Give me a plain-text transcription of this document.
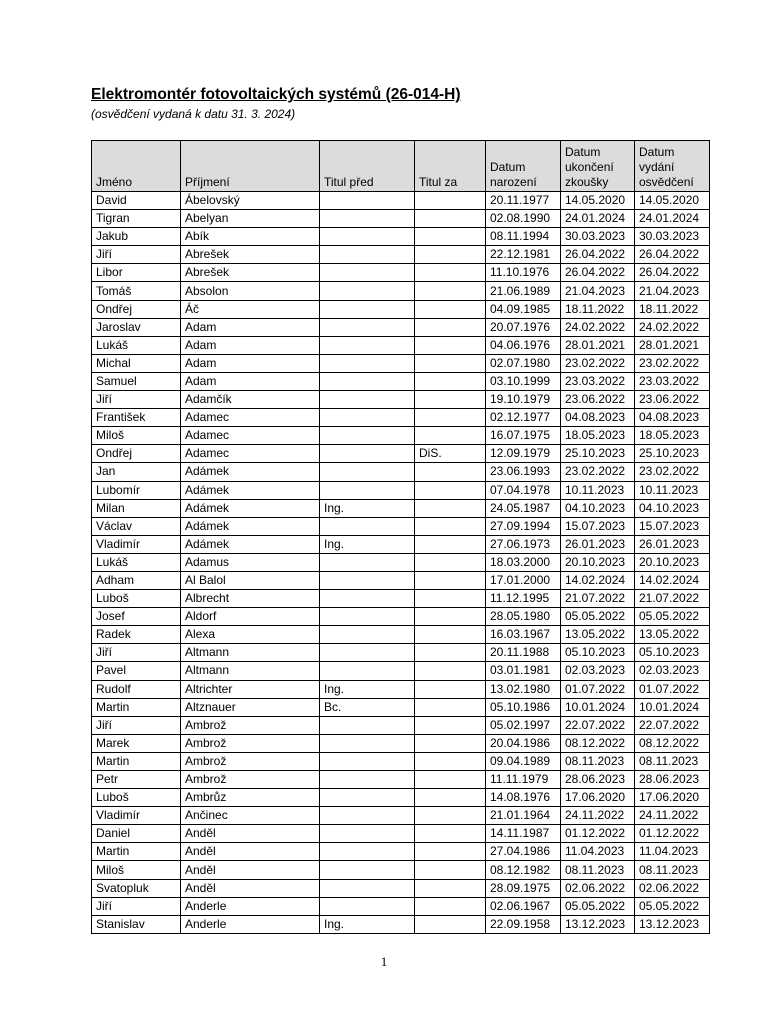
Elektromontér fotovoltaických systémů (26-014-H)
(osvědčení vydaná k datu 31. 3. 2024)
Jméno	Příjmení	Titul před	Titul za	Datum narození	Datum ukončení zkoušky	Datum vydání osvědčení
David	Ábelovský			20.11.1977	14.05.2020	14.05.2020
Tigran	Abelyan			02.08.1990	24.01.2024	24.01.2024
Jakub	Abík			08.11.1994	30.03.2023	30.03.2023
Jiří	Abrešek			22.12.1981	26.04.2022	26.04.2022
Libor	Abrešek			11.10.1976	26.04.2022	26.04.2022
Tomáš	Absolon			21.06.1989	21.04.2023	21.04.2023
Ondřej	Áč			04.09.1985	18.11.2022	18.11.2022
Jaroslav	Adam			20.07.1976	24.02.2022	24.02.2022
Lukáš	Adam			04.06.1976	28.01.2021	28.01.2021
Michal	Adam			02.07.1980	23.02.2022	23.02.2022
Samuel	Adam			03.10.1999	23.03.2022	23.03.2022
Jiří	Adamčík			19.10.1979	23.06.2022	23.06.2022
František	Adamec			02.12.1977	04.08.2023	04.08.2023
Miloš	Adamec			16.07.1975	18.05.2023	18.05.2023
Ondřej	Adamec		DiS.	12.09.1979	25.10.2023	25.10.2023
Jan	Adámek			23.06.1993	23.02.2022	23.02.2022
Lubomír	Adámek			07.04.1978	10.11.2023	10.11.2023
Milan	Adámek	Ing.		24.05.1987	04.10.2023	04.10.2023
Václav	Adámek			27.09.1994	15.07.2023	15.07.2023
Vladimír	Adámek	Ing.		27.06.1973	26.01.2023	26.01.2023
Lukáš	Adamus			18.03.2000	20.10.2023	20.10.2023
Adham	Al Balol			17.01.2000	14.02.2024	14.02.2024
Luboš	Albrecht			11.12.1995	21.07.2022	21.07.2022
Josef	Aldorf			28.05.1980	05.05.2022	05.05.2022
Radek	Alexa			16.03.1967	13.05.2022	13.05.2022
Jiří	Altmann			20.11.1988	05.10.2023	05.10.2023
Pavel	Altmann			03.01.1981	02.03.2023	02.03.2023
Rudolf	Altrichter	Ing.		13.02.1980	01.07.2022	01.07.2022
Martin	Altznauer	Bc.		05.10.1986	10.01.2024	10.01.2024
Jiří	Ambrož			05.02.1997	22.07.2022	22.07.2022
Marek	Ambrož			20.04.1986	08.12.2022	08.12.2022
Martin	Ambrož			09.04.1989	08.11.2023	08.11.2023
Petr	Ambrož			11.11.1979	28.06.2023	28.06.2023
Luboš	Ambrůz			14.08.1976	17.06.2020	17.06.2020
Vladimír	Ančinec			21.01.1964	24.11.2022	24.11.2022
Daniel	Anděl			14.11.1987	01.12.2022	01.12.2022
Martin	Anděl			27.04.1986	11.04.2023	11.04.2023
Miloš	Anděl			08.12.1982	08.11.2023	08.11.2023
Svatopluk	Anděl			28.09.1975	02.06.2022	02.06.2022
Jiří	Anderle			02.06.1967	05.05.2022	05.05.2022
Stanislav	Anderle	Ing.		22.09.1958	13.12.2023	13.12.2023
1
